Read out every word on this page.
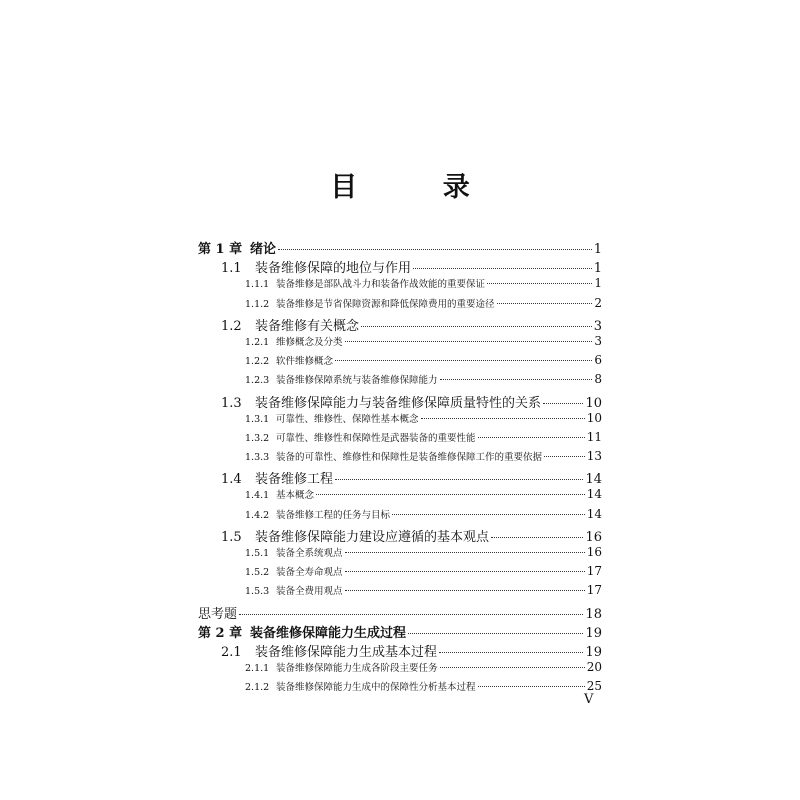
目 录
第 1 章 绪论	1
1.1	装备维修保障的地位与作用	1
1.1.1 装备维修是部队战斗力和装备作战效能的重要保证	1
1.1.2 装备维修是节省保障资源和降低保障费用的重要途径	2
1.2	装备维修有关概念	3
1.2.1 维修概念及分类	3
1.2.2 软件维修概念	6
1.2.3 装备维修保障系统与装备维修保障能力	8
1.3	装备维修保障能力与装备维修保障质量特性的关系	10
1.3.1 可靠性、维修性、保障性基本概念	10
1.3.2 可靠性、维修性和保障性是武器装备的重要性能	11
1.3.3 装备的可靠性、维修性和保障性是装备维修保障工作的重要依据	13
1.4	装备维修工程	14
1.4.1 基本概念	14
1.4.2 装备维修工程的任务与目标	14
1.5	装备维修保障能力建设应遵循的基本观点	16
1.5.1 装备全系统观点	16
1.5.2 装备全寿命观点	17
1.5.3 装备全费用观点	17
思考题	18
第 2 章 装备维修保障能力生成过程	19
2.1	装备维修保障能力生成基本过程	19
2.1.1 装备维修保障能力生成各阶段主要任务	20
2.1.2 装备维修保障能力生成中的保障性分析基本过程	25
V
